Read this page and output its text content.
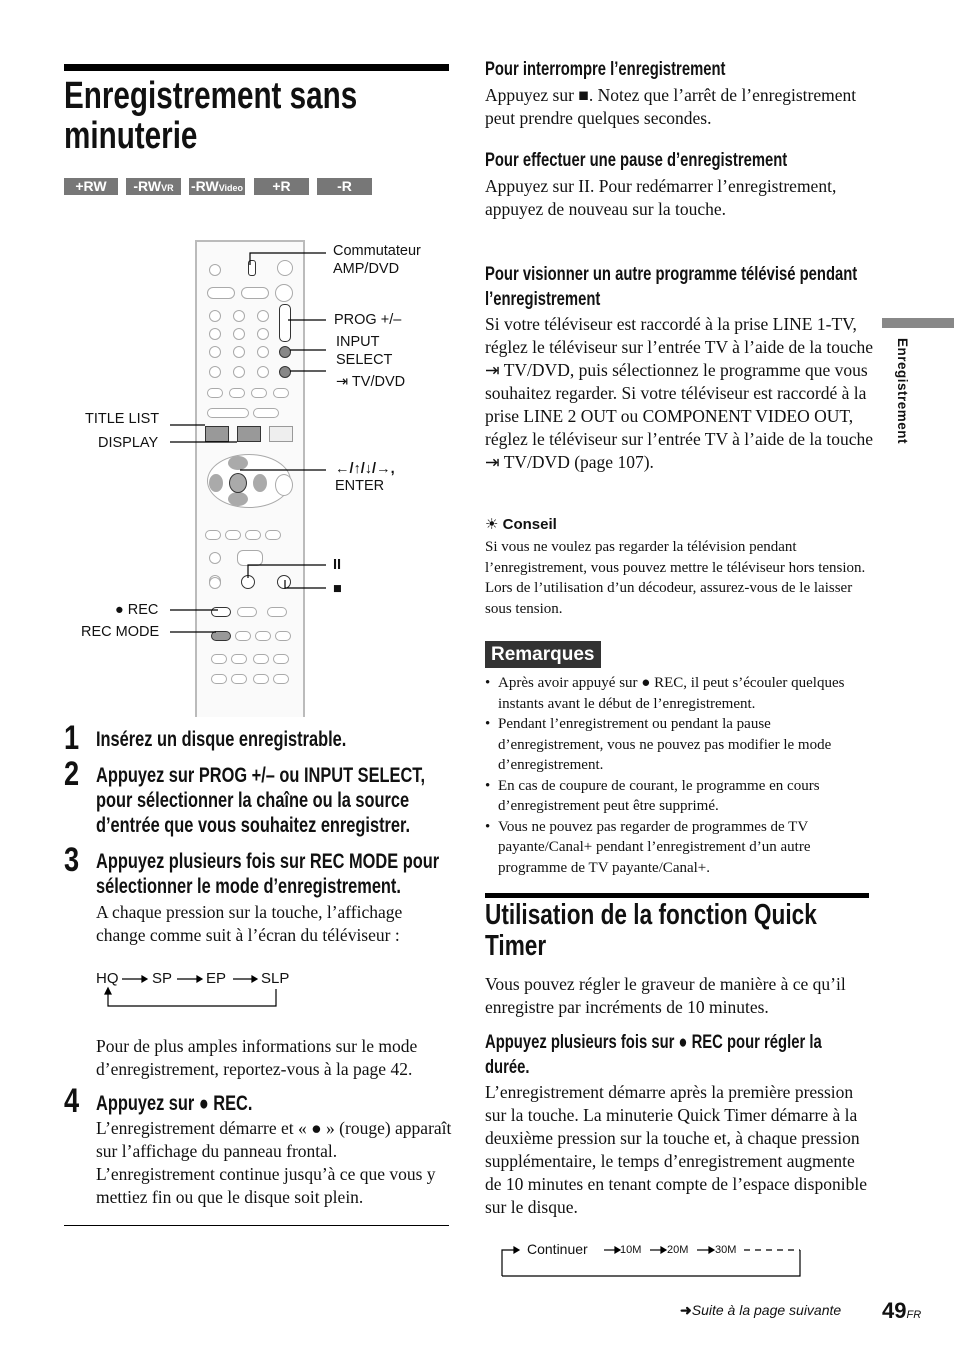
Enregistrement sans minuterie
+RW	-RWVR	-RWVideo	+R	-R
Commutateur
AMP/DVD
PROG +/–
INPUT
SELECT
⇥ TV/DVD
TITLE LIST
DISPLAY
←/↑/↓/→,
ENTER
II
■
● REC
REC MODE
1 Insérez un disque enregistrable.
2 Appuyez sur PROG +/– ou INPUT SELECT, pour sélectionner la chaîne ou la source d’entrée que vous souhaitez enregistrer.
3 Appuyez plusieurs fois sur REC MODE pour sélectionner le mode d’enregistrement.
A chaque pression sur la touche, l’affichage change comme suit à l’écran du téléviseur :
HQ SP EP SLP
Pour de plus amples informations sur le mode d’enregistrement, reportez-vous à la page 42.
4 Appuyez sur ● REC.
L’enregistrement démarre et « ● » (rouge) apparaît sur l’affichage du panneau frontal. L’enregistrement continue jusqu’à ce que vous y mettiez fin ou que le disque soit plein.
Pour interrompre l’enregistrement
Appuyez sur ■. Notez que l’arrêt de l’enregistrement peut prendre quelques secondes.
Pour effectuer une pause d’enregistrement
Appuyez sur II. Pour redémarrer l’enregistrement, appuyez de nouveau sur la touche.
Pour visionner un autre programme télévisé pendant l’enregistrement
Si votre téléviseur est raccordé à la prise LINE 1-TV, réglez le téléviseur sur l’entrée TV à l’aide de la touche ⇥ TV/DVD, puis sélectionnez le programme que vous souhaitez regarder. Si votre téléviseur est raccordé à la prise LINE 2 OUT ou COMPONENT VIDEO OUT, réglez le téléviseur sur l’entrée TV à l’aide de la touche ⇥ TV/DVD (page 107).
☀ Conseil
Si vous ne voulez pas regarder la télévision pendant l’enregistrement, vous pouvez mettre le téléviseur hors tension. Lors de l’utilisation d’un décodeur, assurez-vous de le laisser sous tension.
Remarques
• Après avoir appuyé sur ● REC, il peut s’écouler quelques instants avant le début de l’enregistrement.
• Pendant l’enregistrement ou pendant la pause d’enregistrement, vous ne pouvez pas modifier le mode d’enregistrement.
• En cas de coupure de courant, le programme en cours d’enregistrement peut être supprimé.
• Vous ne pouvez pas regarder de programmes de TV payante/Canal+ pendant l’enregistrement d’un autre programme de TV payante/Canal+.
Utilisation de la fonction Quick Timer
Vous pouvez régler le graveur de manière à ce qu’il enregistre par incréments de 10 minutes.
Appuyez plusieurs fois sur ● REC pour régler la durée.
L’enregistrement démarre après la première pression sur la touche. La minuterie Quick Timer démarre à la deuxième pression sur la touche et, à chaque pression supplémentaire, le temps d’enregistrement augmente de 10 minutes en tenant compte de l’espace disponible sur le disque.
Continuer	10M 20M 30M
Enregistrement
➜Suite à la page suivante 49FR
